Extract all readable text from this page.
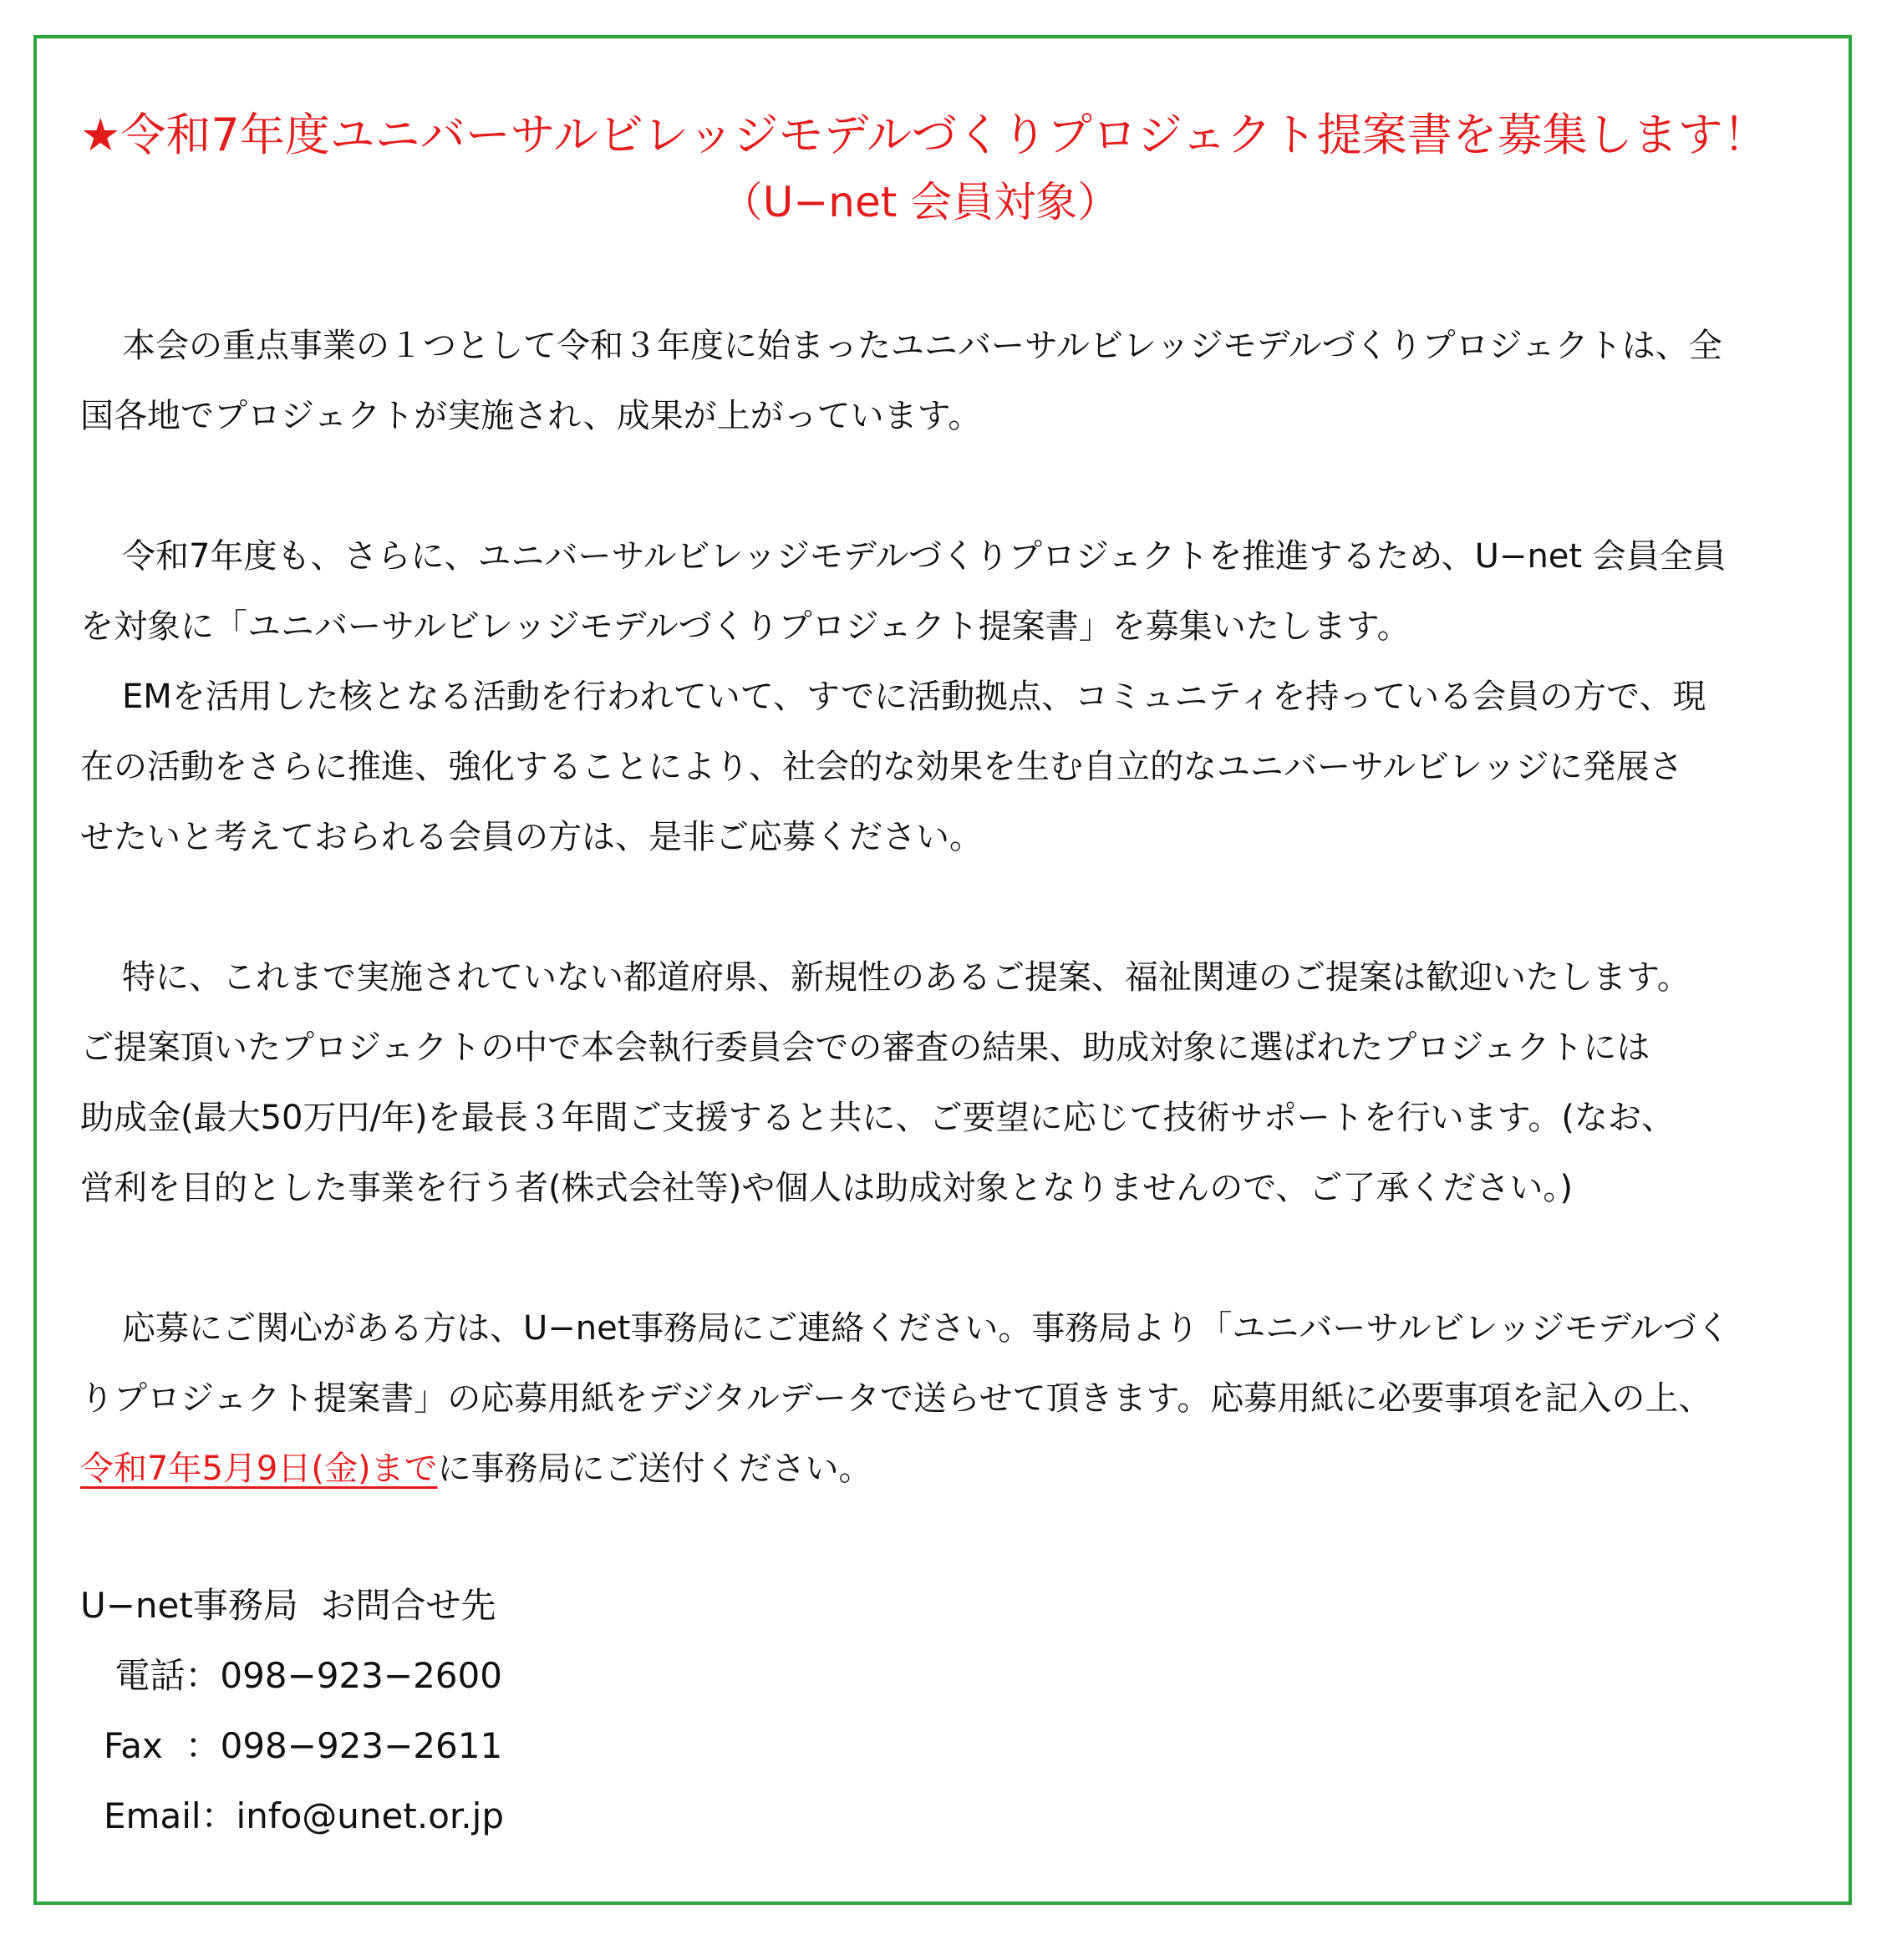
★令和7年度ユニバーサルビレッジモデルづくりプロジェクト提案書を募集します！

（U−net 会員対象）

本会の重点事業の１つとして令和３年度に始まったユニバーサルビレッジモデルづくりプロジェクトは、全

国各地でプロジェクトが実施され、成果が上がっています。

令和7年度も、さらに、ユニバーサルビレッジモデルづくりプロジェクトを推進するため、U−net 会員全員

を対象に「ユニバーサルビレッジモデルづくりプロジェクト提案書」を募集いたします。

EMを活用した核となる活動を行われていて、すでに活動拠点、コミュニティを持っている会員の方で、現

在の活動をさらに推進、強化することにより、社会的な効果を生む自立的なユニバーサルビレッジに発展さ

せたいと考えておられる会員の方は、是非ご応募ください。

特に、これまで実施されていない都道府県、新規性のあるご提案、福祉関連のご提案は歓迎いたします。

ご提案頂いたプロジェクトの中で本会執行委員会での審査の結果、助成対象に選ばれたプロジェクトには

助成金(最大50万円/年)を最長３年間ご支援すると共に、ご要望に応じて技術サポートを行います。(なお、

営利を目的とした事業を行う者(株式会社等)や個人は助成対象となりませんので、ご了承ください。)

応募にご関心がある方は、U−net事務局にご連絡ください。事務局より「ユニバーサルビレッジモデルづく

りプロジェクト提案書」の応募用紙をデジタルデータで送らせて頂きます。応募用紙に必要事項を記入の上、

令和7年5月9日(金)までに事務局にご送付ください。

U−net事務局  お問合せ先

電話：098−923−2600

Fax  ：098−923−2611

Email：info@unet.or.jp
